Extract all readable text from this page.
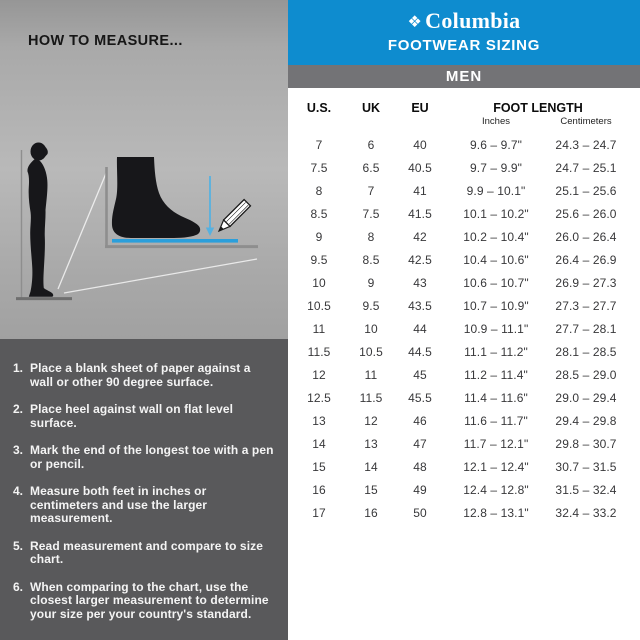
HOW TO MEASURE...
1. Place a blank sheet of paper against a wall or other 90 degree surface.
2. Place heel against wall on flat level surface.
3. Mark the end of the longest toe with a pen or pencil.
4. Measure both feet in inches or centimeters and use the larger measurement.
5. Read measurement and compare to size chart.
6. When comparing to the chart, use the closest larger measurement to determine your size per your country's standard.
❖ Columbia
FOOTWEAR SIZING
MEN
U.S.	UK	EU	FOOT LENGTH
Inches	Centimeters
7	6	40	9.6 – 9.7"	24.3 – 24.7
7.5	6.5	40.5	9.7 – 9.9"	24.7 – 25.1
8	7	41	9.9 – 10.1"	25.1 – 25.6
8.5	7.5	41.5	10.1 – 10.2"	25.6 – 26.0
9	8	42	10.2 – 10.4"	26.0 – 26.4
9.5	8.5	42.5	10.4 – 10.6"	26.4 – 26.9
10	9	43	10.6 – 10.7"	26.9 – 27.3
10.5	9.5	43.5	10.7 – 10.9"	27.3 – 27.7
11	10	44	10.9 – 11.1"	27.7 – 28.1
11.5	10.5	44.5	11.1 – 11.2"	28.1 – 28.5
12	11	45	11.2 – 11.4"	28.5 – 29.0
12.5	11.5	45.5	11.4 – 11.6"	29.0 – 29.4
13	12	46	11.6 – 11.7"	29.4 – 29.8
14	13	47	11.7 – 12.1"	29.8 – 30.7
15	14	48	12.1 – 12.4"	30.7 – 31.5
16	15	49	12.4 – 12.8"	31.5 – 32.4
17	16	50	12.8 – 13.1"	32.4 – 33.2
